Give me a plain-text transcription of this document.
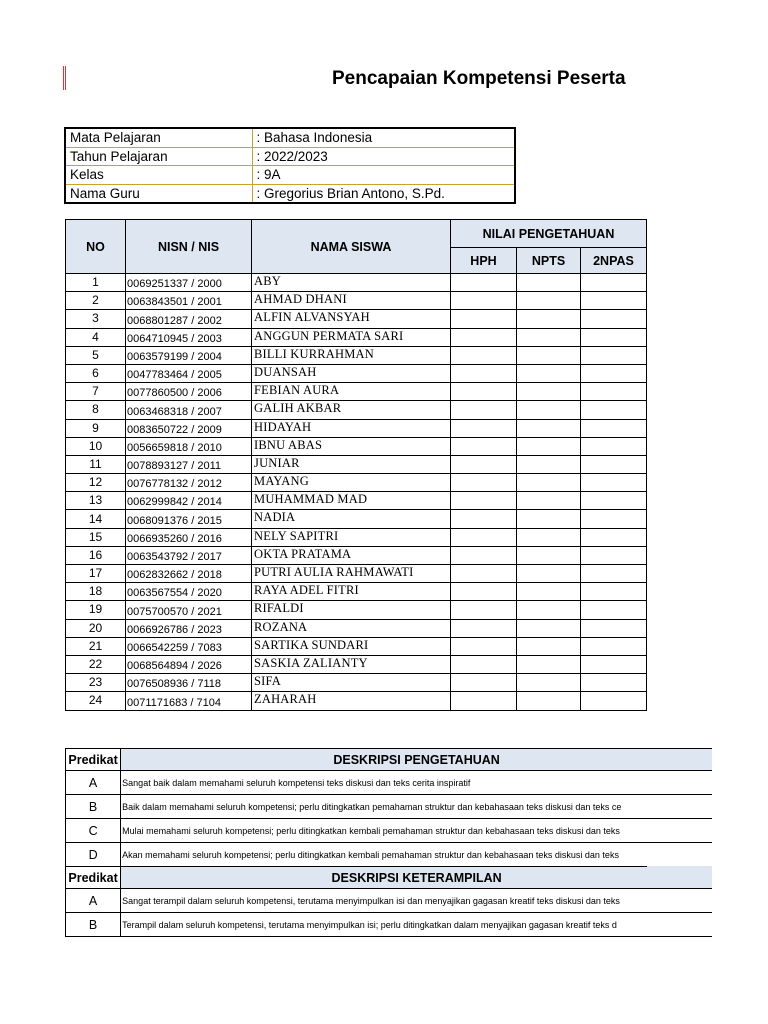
Pencapaian Kompetensi Peserta
Mata Pelajaran	: Bahasa Indonesia
Tahun Pelajaran	: 2022/2023
Kelas	: 9A
Nama Guru	: Gregorius Brian Antono, S.Pd.
NO	NISN / NIS	NAMA SISWA	NILAI PENGETAHUAN		
			HPH	NPTS	2NPAS
1	0069251337 / 2000	ABY			
2	0063843501 / 2001	AHMAD DHANI			
3	0068801287 / 2002	ALFIN ALVANSYAH			
4	0064710945 / 2003	ANGGUN PERMATA SARI			
5	0063579199 / 2004	BILLI KURRAHMAN			
6	0047783464 / 2005	DUANSAH			
7	0077860500 / 2006	FEBIAN AURA			
8	0063468318 / 2007	GALIH AKBAR			
9	0083650722 / 2009	HIDAYAH			
10	0056659818 / 2010	IBNU ABAS			
11	0078893127 / 2011	JUNIAR			
12	0076778132 / 2012	MAYANG			
13	0062999842 / 2014	MUHAMMAD MAD			
14	0068091376 / 2015	NADIA			
15	0066935260 / 2016	NELY SAPITRI			
16	0063543792 / 2017	OKTA PRATAMA			
17	0062832662 / 2018	PUTRI AULIA RAHMAWATI			
18	0063567554 / 2020	RAYA ADEL FITRI			
19	0075700570 / 2021	RIFALDI			
20	0066926786 / 2023	ROZANA			
21	0066542259 / 7083	SARTIKA SUNDARI			
22	0068564894 / 2026	SASKIA ZALIANTY			
23	0076508936 / 7118	SIFA			
24	0071171683 / 7104	ZAHARAH			
Predikat	DESKRIPSI PENGETAHUAN
A	Sangat baik dalam memahami seluruh kompetensi teks diskusi dan teks cerita inspiratif
B	Baik dalam memahami seluruh kompetensi; perlu ditingkatkan pemahaman struktur dan kebahasaan teks diskusi dan teks ce
C	Mulai memahami seluruh kompetensi; perlu ditingkatkan kembali pemahaman struktur dan kebahasaan teks diskusi dan teks
D	Akan memahami seluruh kompetensi; perlu ditingkatkan kembali pemahaman struktur dan kebahasaan teks diskusi dan teks
Predikat	DESKRIPSI KETERAMPILAN
A	Sangat terampil dalam seluruh kompetensi, terutama menyimpulkan isi dan menyajikan gagasan kreatif teks diskusi dan teks
B	Terampil dalam seluruh kompetensi, terutama menyimpulkan isi; perlu ditingkatkan dalam menyajikan gagasan kreatif teks d
